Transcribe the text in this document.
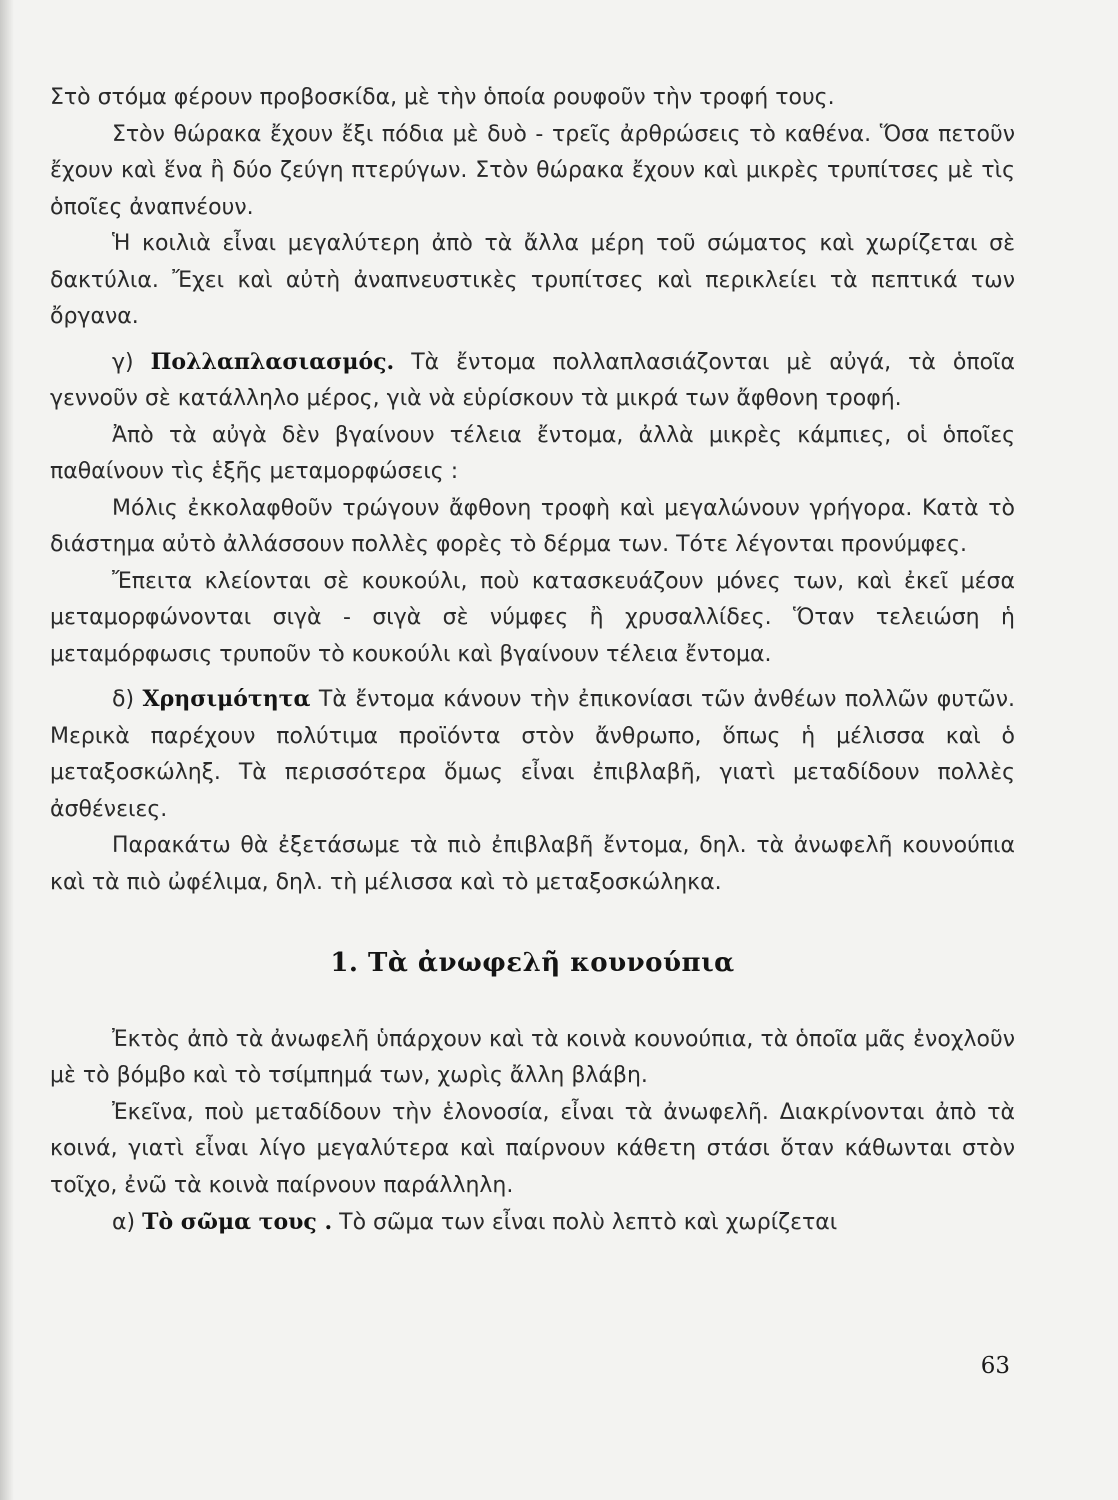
Στὸ στόμα φέρουν προβοσκίδα, μὲ τὴν ὁποία ρουφοῦν τὴν τροφή τους.

Στὸν θώρακα ἔχουν ἔξι πόδια μὲ δυὸ - τρεῖς ἀρθρώσεις τὸ καθένα. Ὅσα πετοῦν ἔχουν καὶ ἕνα ἢ δύο ζεύγη πτερύγων. Στὸν θώρακα ἔχουν καὶ μικρὲς τρυπίτσες μὲ τὶς ὁποῖες ἀναπνέουν.

Ἡ κοιλιὰ εἶναι μεγαλύτερη ἀπὸ τὰ ἄλλα μέρη τοῦ σώματος καὶ χωρίζεται σὲ δακτύλια. Ἔχει καὶ αὐτὴ ἀναπνευστικὲς τρυπίτσες καὶ περικλείει τὰ πεπτικά των ὄργανα.

γ) Πολλαπλασιασμός. Τὰ ἔντομα πολλαπλασιάζονται μὲ αὐγά, τὰ ὁποῖα γεννοῦν σὲ κατάλληλο μέρος, γιὰ νὰ εὑρίσκουν τὰ μικρά των ἄφθονη τροφή.

Ἀπὸ τὰ αὐγὰ δὲν βγαίνουν τέλεια ἔντομα, ἀλλὰ μικρὲς κάμπιες, οἱ ὁποῖες παθαίνουν τὶς ἑξῆς μεταμορφώσεις :

Μόλις ἐκκολαφθοῦν τρώγουν ἄφθονη τροφὴ καὶ μεγαλώνουν γρήγορα. Κατὰ τὸ διάστημα αὐτὸ ἀλλάσσουν πολλὲς φορὲς τὸ δέρμα των. Τότε λέγονται προνύμφες.

Ἔπειτα κλείονται σὲ κουκούλι, ποὺ κατασκευάζουν μόνες των, καὶ ἐκεῖ μέσα μεταμορφώνονται σιγὰ - σιγὰ σὲ νύμφες ἢ χρυσαλλίδες. Ὅταν τελειώση ἡ μεταμόρφωσις τρυποῦν τὸ κουκούλι καὶ βγαίνουν τέλεια ἔντομα.

δ) Χρησιμότητα Τὰ ἔντομα κάνουν τὴν ἐπικονίασι τῶν ἀνθέων πολλῶν φυτῶν. Μερικὰ παρέχουν πολύτιμα προϊόντα στὸν ἄνθρωπο, ὅπως ἡ μέλισσα καὶ ὁ μεταξοσκώληξ. Τὰ περισσότερα ὅμως εἶναι ἐπιβλαβῆ, γιατὶ μεταδίδουν πολλὲς ἀσθένειες.

Παρακάτω θὰ ἐξετάσωμε τὰ πιὸ ἐπιβλαβῆ ἔντομα, δηλ. τὰ ἀνωφελῆ κουνούπια καὶ τὰ πιὸ ὠφέλιμα, δηλ. τὴ μέλισσα καὶ τὸ μεταξοσκώληκα.

1. Τὰ ἀνωφελῆ κουνούπια

Ἐκτὸς ἀπὸ τὰ ἀνωφελῆ ὑπάρχουν καὶ τὰ κοινὰ κουνούπια, τὰ ὁποῖα μᾶς ἐνοχλοῦν μὲ τὸ βόμβο καὶ τὸ τσίμπημά των, χωρὶς ἄλλη βλάβη.

Ἐκεῖνα, ποὺ μεταδίδουν τὴν ἑλονοσία, εἶναι τὰ ἀνωφελῆ. Διακρίνονται ἀπὸ τὰ κοινά, γιατὶ εἶναι λίγο μεγαλύτερα καὶ παίρνουν κάθετη στάσι ὅταν κάθωνται στὸν τοῖχο, ἐνῶ τὰ κοινὰ παίρνουν παράλληλη.

α) Τὸ σῶμα τους . Τὸ σῶμα των εἶναι πολὺ λεπτὸ καὶ χωρίζεται

63
